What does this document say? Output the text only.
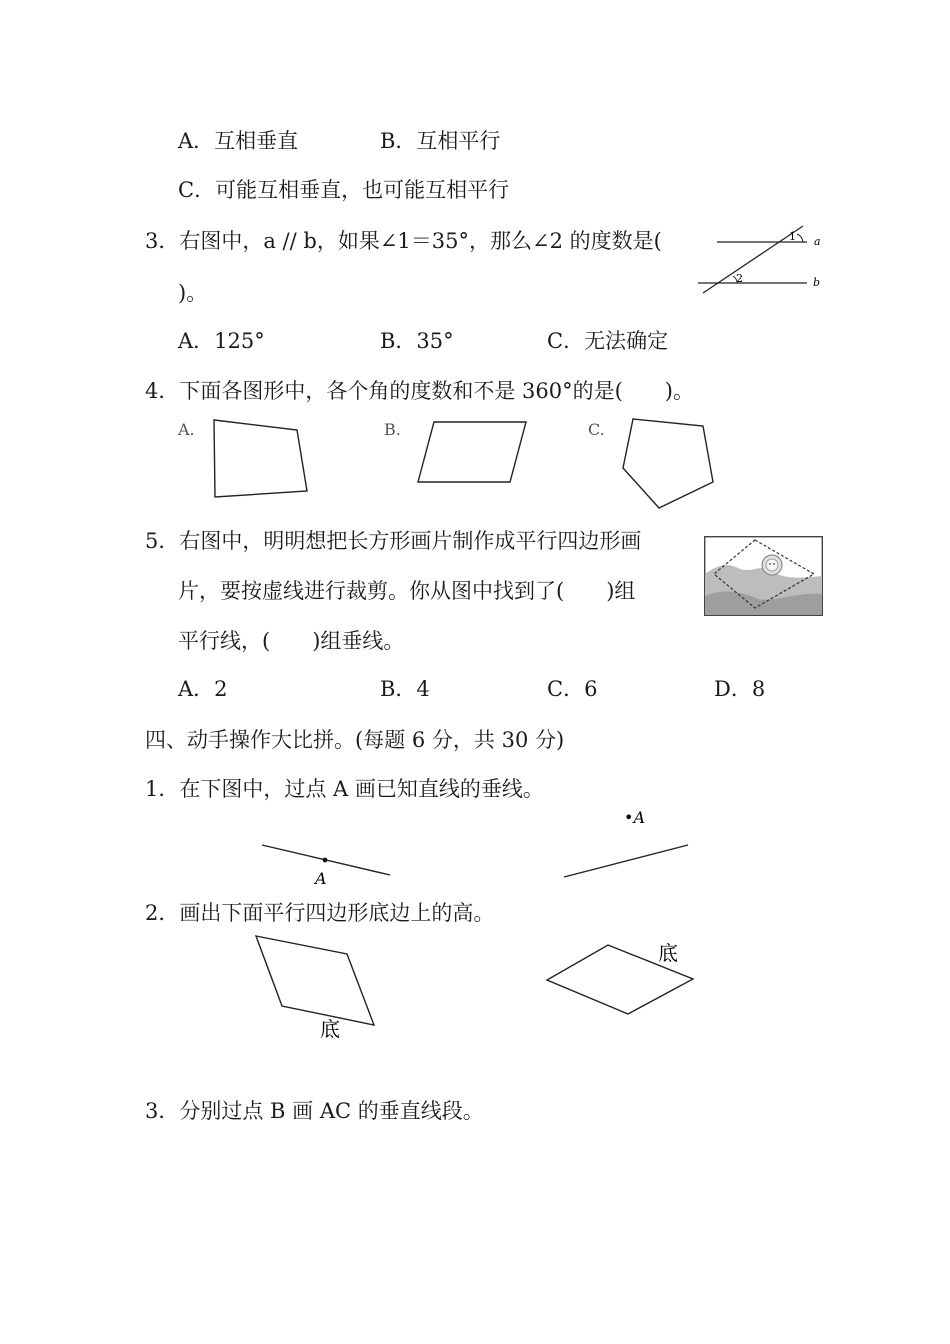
A．互相垂直	B．互相平行
C．可能互相垂直，也可能互相平行
3．右图中，a // b，如果∠1＝35°，那么∠2 的度数是(
)。
a
b
1
2
A．125°	B．35°	C．无法确定
4．下面各图形中，各个角的度数和不是 360°的是(　　)。
A.	B.	C.
5．右图中，明明想把长方形画片制作成平行四边形画
片，要按虚线进行裁剪。你从图中找到了(　　)组
平行线，(　　)组垂线。
A．2	B．4	C．6	D．8
四、动手操作大比拼。(每题 6 分，共 30 分)
1．在下图中，过点 A 画已知直线的垂线。
A
•A
2．画出下面平行四边形底边上的高。
底
底
3．分别过点 B 画 AC 的垂直线段。
